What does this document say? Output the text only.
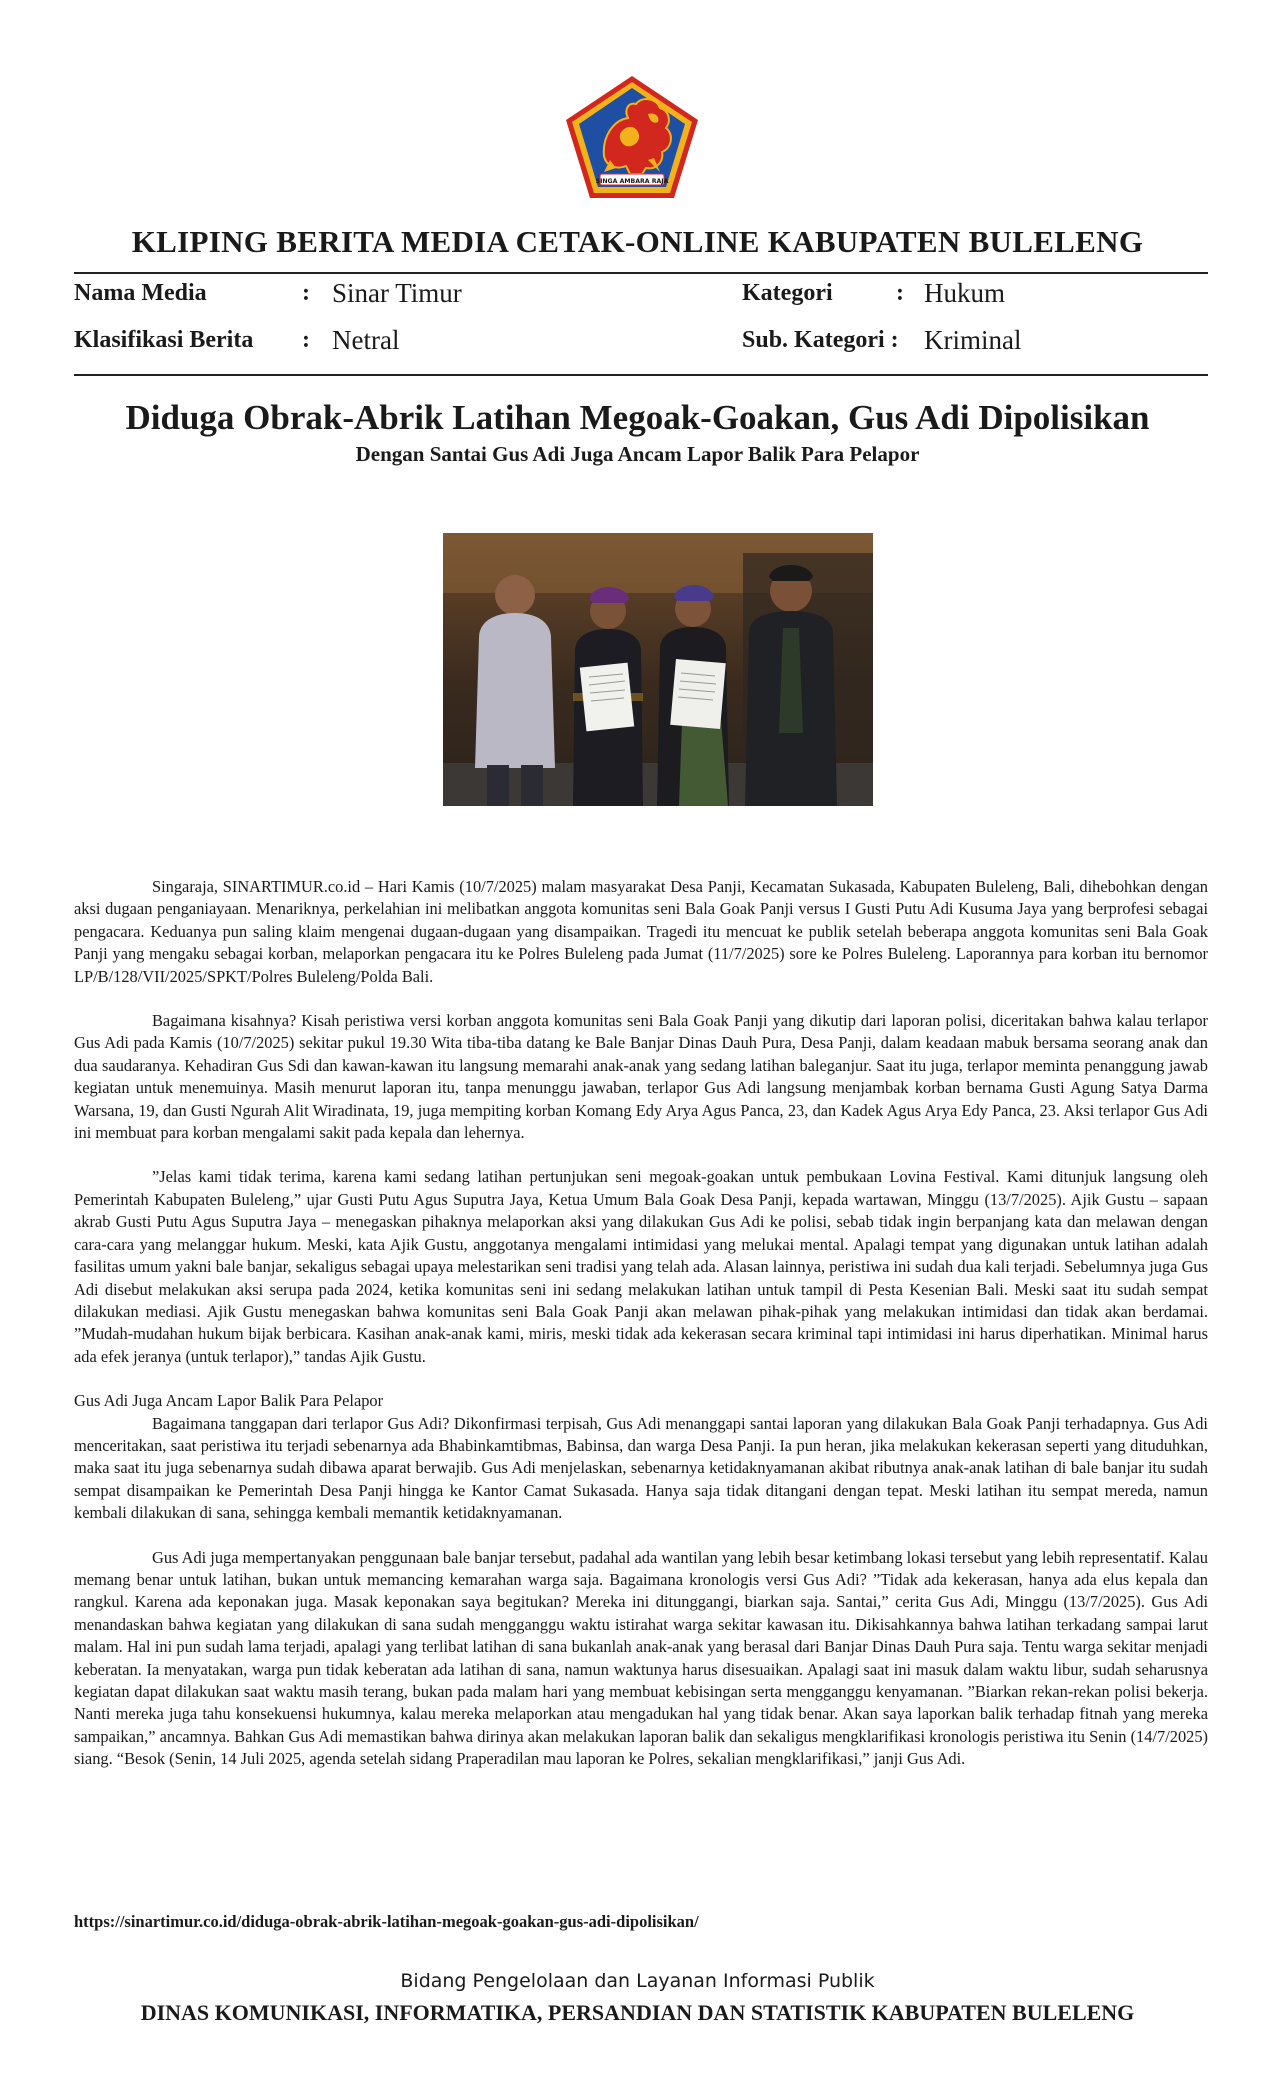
SINGA AMBARA RAJA
KLIPING BERITA MEDIA CETAK-ONLINE KABUPATEN BULELENG
Nama Media	: Sinar Timur	Kategori	: Hukum
Klasifikasi Berita : Netral	Sub. Kategori : Kriminal
Diduga Obrak-Abrik Latihan Megoak-Goakan, Gus Adi Dipolisikan
Dengan Santai Gus Adi Juga Ancam Lapor Balik Para Pelapor

Singaraja, SINARTIMUR.co.id – Hari Kamis (10/7/2025) malam masyarakat Desa Panji, Kecamatan Sukasada, Kabupaten Buleleng, Bali, dihebohkan dengan aksi dugaan penganiayaan. Menariknya, perkelahian ini melibatkan anggota komunitas seni Bala Goak Panji versus I Gusti Putu Adi Kusuma Jaya yang berprofesi sebagai pengacara. Keduanya pun saling klaim mengenai dugaan-dugaan yang disampaikan. Tragedi itu mencuat ke publik setelah beberapa anggota komunitas seni Bala Goak Panji yang mengaku sebagai korban, melaporkan pengacara itu ke Polres Buleleng pada Jumat (11/7/2025) sore ke Polres Buleleng. Laporannya para korban itu bernomor LP/B/128/VII/2025/SPKT/Polres Buleleng/Polda Bali.

Bagaimana kisahnya? Kisah peristiwa versi korban anggota komunitas seni Bala Goak Panji yang dikutip dari laporan polisi, diceritakan bahwa kalau terlapor Gus Adi pada Kamis (10/7/2025) sekitar pukul 19.30 Wita tiba-tiba datang ke Bale Banjar Dinas Dauh Pura, Desa Panji, dalam keadaan mabuk bersama seorang anak dan dua saudaranya. Kehadiran Gus Sdi dan kawan-kawan itu langsung memarahi anak-anak yang sedang latihan baleganjur. Saat itu juga, terlapor meminta penanggung jawab kegiatan untuk menemuinya. Masih menurut laporan itu, tanpa menunggu jawaban, terlapor Gus Adi langsung menjambak korban bernama Gusti Agung Satya Darma Warsana, 19, dan Gusti Ngurah Alit Wiradinata, 19, juga mempiting korban Komang Edy Arya Agus Panca, 23, dan Kadek Agus Arya Edy Panca, 23. Aksi terlapor Gus Adi ini membuat para korban mengalami sakit pada kepala dan lehernya.

”Jelas kami tidak terima, karena kami sedang latihan pertunjukan seni megoak-goakan untuk pembukaan Lovina Festival. Kami ditunjuk langsung oleh Pemerintah Kabupaten Buleleng,” ujar Gusti Putu Agus Suputra Jaya, Ketua Umum Bala Goak Desa Panji, kepada wartawan, Minggu (13/7/2025). Ajik Gustu – sapaan akrab Gusti Putu Agus Suputra Jaya – menegaskan pihaknya melaporkan aksi yang dilakukan Gus Adi ke polisi, sebab tidak ingin berpanjang kata dan melawan dengan cara-cara yang melanggar hukum. Meski, kata Ajik Gustu, anggotanya mengalami intimidasi yang melukai mental. Apalagi tempat yang digunakan untuk latihan adalah fasilitas umum yakni bale banjar, sekaligus sebagai upaya melestarikan seni tradisi yang telah ada. Alasan lainnya, peristiwa ini sudah dua kali terjadi. Sebelumnya juga Gus Adi disebut melakukan aksi serupa pada 2024, ketika komunitas seni ini sedang melakukan latihan untuk tampil di Pesta Kesenian Bali. Meski saat itu sudah sempat dilakukan mediasi. Ajik Gustu menegaskan bahwa komunitas seni Bala Goak Panji akan melawan pihak-pihak yang melakukan intimidasi dan tidak akan berdamai. ”Mudah-mudahan hukum bijak berbicara. Kasihan anak-anak kami, miris, meski tidak ada kekerasan secara kriminal tapi intimidasi ini harus diperhatikan. Minimal harus ada efek jeranya (untuk terlapor),” tandas Ajik Gustu.

Gus Adi Juga Ancam Lapor Balik Para Pelapor

Bagaimana tanggapan dari terlapor Gus Adi? Dikonfirmasi terpisah, Gus Adi menanggapi santai laporan yang dilakukan Bala Goak Panji terhadapnya. Gus Adi menceritakan, saat peristiwa itu terjadi sebenarnya ada Bhabinkamtibmas, Babinsa, dan warga Desa Panji. Ia pun heran, jika melakukan kekerasan seperti yang dituduhkan, maka saat itu juga sebenarnya sudah dibawa aparat berwajib. Gus Adi menjelaskan, sebenarnya ketidaknyamanan akibat ributnya anak-anak latihan di bale banjar itu sudah sempat disampaikan ke Pemerintah Desa Panji hingga ke Kantor Camat Sukasada. Hanya saja tidak ditangani dengan tepat. Meski latihan itu sempat mereda, namun kembali dilakukan di sana, sehingga kembali memantik ketidaknyamanan.

Gus Adi juga mempertanyakan penggunaan bale banjar tersebut, padahal ada wantilan yang lebih besar ketimbang lokasi tersebut yang lebih representatif. Kalau memang benar untuk latihan, bukan untuk memancing kemarahan warga saja. Bagaimana kronologis versi Gus Adi? ”Tidak ada kekerasan, hanya ada elus kepala dan rangkul. Karena ada keponakan juga. Masak keponakan saya begitukan? Mereka ini ditunggangi, biarkan saja. Santai,” cerita Gus Adi, Minggu (13/7/2025). Gus Adi menandaskan bahwa kegiatan yang dilakukan di sana sudah mengganggu waktu istirahat warga sekitar kawasan itu. Dikisahkannya bahwa latihan terkadang sampai larut malam. Hal ini pun sudah lama terjadi, apalagi yang terlibat latihan di sana bukanlah anak-anak yang berasal dari Banjar Dinas Dauh Pura saja. Tentu warga sekitar menjadi keberatan. Ia menyatakan, warga pun tidak keberatan ada latihan di sana, namun waktunya harus disesuaikan. Apalagi saat ini masuk dalam waktu libur, sudah seharusnya kegiatan dapat dilakukan saat waktu masih terang, bukan pada malam hari yang membuat kebisingan serta mengganggu kenyamanan. ”Biarkan rekan-rekan polisi bekerja. Nanti mereka juga tahu konsekuensi hukumnya, kalau mereka melaporkan atau mengadukan hal yang tidak benar. Akan saya laporkan balik terhadap fitnah yang mereka sampaikan,” ancamnya. Bahkan Gus Adi memastikan bahwa dirinya akan melakukan laporan balik dan sekaligus mengklarifikasi kronologis peristiwa itu Senin (14/7/2025) siang. “Besok (Senin, 14 Juli 2025, agenda setelah sidang Praperadilan mau laporan ke Polres, sekalian mengklarifikasi,” janji Gus Adi.

https://sinartimur.co.id/diduga-obrak-abrik-latihan-megoak-goakan-gus-adi-dipolisikan/
Bidang Pengelolaan dan Layanan Informasi Publik
DINAS KOMUNIKASI, INFORMATIKA, PERSANDIAN DAN STATISTIK KABUPATEN BULELENG
